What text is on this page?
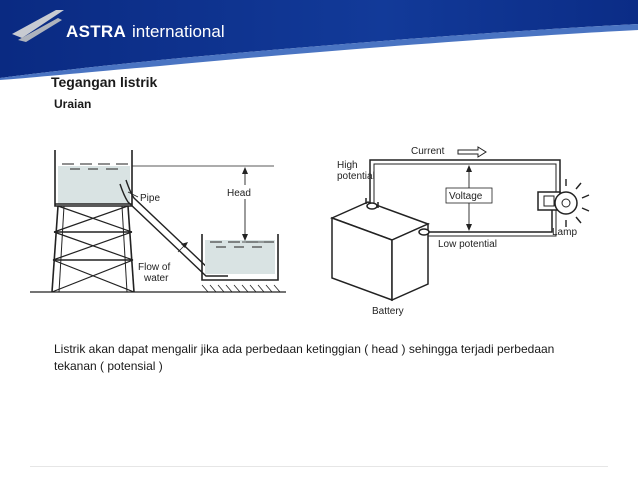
ASTRA international
Tegangan listrik
Uraian
Pipe	Head
Flow of
water
Current
High
potential
Voltage
Low potential
Lamp
Battery
Listrik akan dapat mengalir jika ada perbedaan ketinggian ( head ) sehingga terjadi perbedaan tekanan ( potensial )
